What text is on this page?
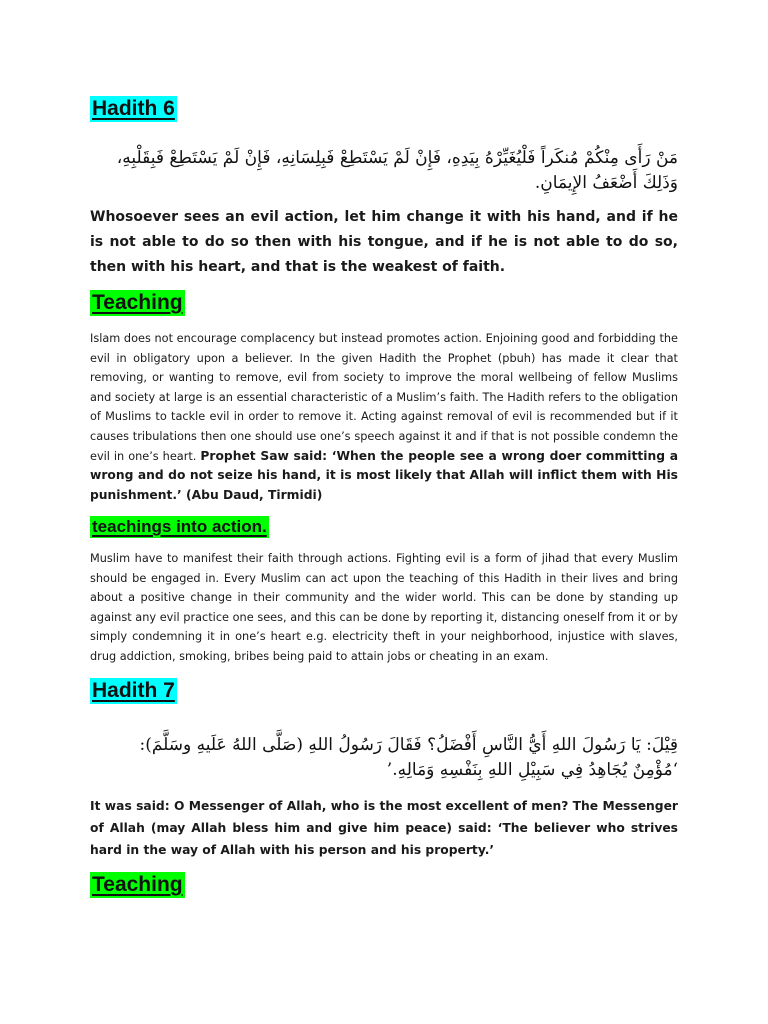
Hadith 6

مَنْ رَأَى مِنْكُمْ مُنكَراً فَلْيُغَيِّرْهُ بِيَدِهِ، فَإِنْ لَمْ يَسْتَطِعْ فَبِلِسَانِهِ، فَإِنْ لَمْ يَسْتَطِعْ فَبِقَلْبِهِ، وَذَلِكَ أَضْعَفُ الإِيمَانِ.

Whosoever sees an evil action, let him change it with his hand, and if he is not able to do so then with his tongue, and if he is not able to do so, then with his heart, and that is the weakest of faith.

Teaching

Islam does not encourage complacency but instead promotes action. Enjoining good and forbidding the evil in obligatory upon a believer. In the given Hadith the Prophet (pbuh) has made it clear that removing, or wanting to remove, evil from society to improve the moral wellbeing of fellow Muslims and society at large is an essential characteristic of a Muslim’s faith. The Hadith refers to the obligation of Muslims to tackle evil in order to remove it. Acting against removal of evil is recommended but if it causes tribulations then one should use one’s speech against it and if that is not possible condemn the evil in one’s heart. Prophet Saw said: ‘When the people see a wrong doer committing a wrong and do not seize his hand, it is most likely that Allah will inflict them with His punishment.’ (Abu Daud, Tirmidi)

teachings into action.

Muslim have to manifest their faith through actions. Fighting evil is a form of jihad that every Muslim should be engaged in. Every Muslim can act upon the teaching of this Hadith in their lives and bring about a positive change in their community and the wider world. This can be done by standing up against any evil practice one sees, and this can be done by reporting it, distancing oneself from it or by simply condemning it in one’s heart e.g. electricity theft in your neighborhood, injustice with slaves, drug addiction, smoking, bribes being paid to attain jobs or cheating in an exam.

Hadith 7

قِيْلَ: يَا رَسُولَ اللهِ أَيُّ النَّاسِ أَفْضَلُ؟ فَقَالَ رَسُولُ اللهِ (صَلَّى اللهُ عَلَيهِ وسَلَّمَ): ‘مُؤْمِنٌ يُجَاهِدُ فِي سَبِيْلِ اللهِ بِنَفْسِهِ وَمَالِهِ.’

It was said: O Messenger of Allah, who is the most excellent of men? The Messenger of Allah (may Allah bless him and give him peace) said: ‘The believer who strives hard in the way of Allah with his person and his property.’

Teaching
